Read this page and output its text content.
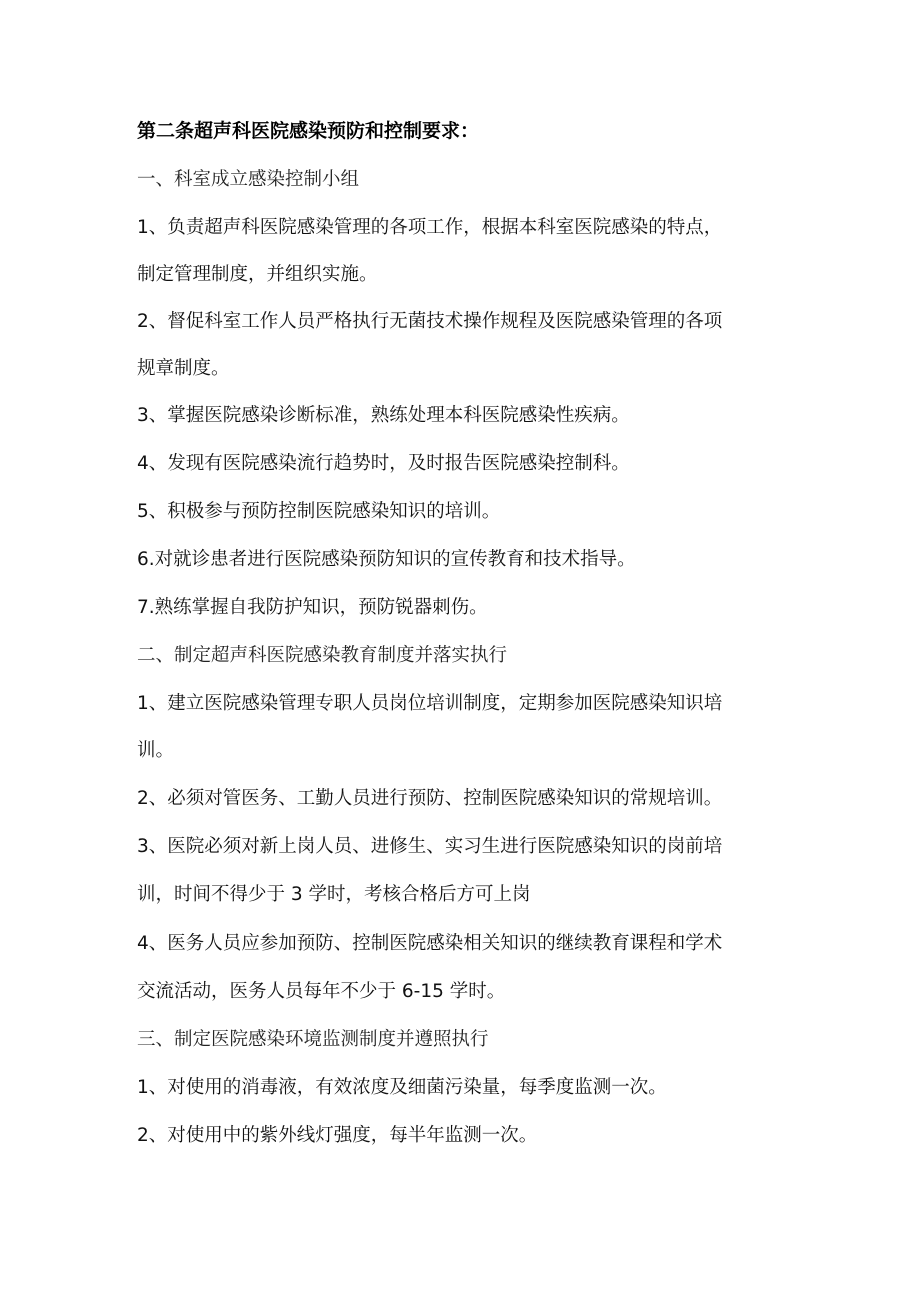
第二条超声科医院感染预防和控制要求：
一、科室成立感染控制小组
1、负责超声科医院感染管理的各项工作，根据本科室医院感染的特点，
制定管理制度，并组织实施。
2、督促科室工作人员严格执行无菌技术操作规程及医院感染管理的各项
规章制度。
3、掌握医院感染诊断标准，熟练处理本科医院感染性疾病。
4、发现有医院感染流行趋势时，及时报告医院感染控制科。
5、积极参与预防控制医院感染知识的培训。
6.对就诊患者进行医院感染预防知识的宣传教育和技术指导。
7.熟练掌握自我防护知识，预防锐器刺伤。
二、制定超声科医院感染教育制度并落实执行
1、建立医院感染管理专职人员岗位培训制度，定期参加医院感染知识培
训。
2、必须对管医务、工勤人员进行预防、控制医院感染知识的常规培训。
3、医院必须对新上岗人员、进修生、实习生进行医院感染知识的岗前培
训，时间不得少于 3 学时，考核合格后方可上岗
4、医务人员应参加预防、控制医院感染相关知识的继续教育课程和学术
交流活动，医务人员每年不少于 6-15 学时。
三、制定医院感染环境监测制度并遵照执行
1、对使用的消毒液，有效浓度及细菌污染量，每季度监测一次。
2、对使用中的紫外线灯强度，每半年监测一次。
